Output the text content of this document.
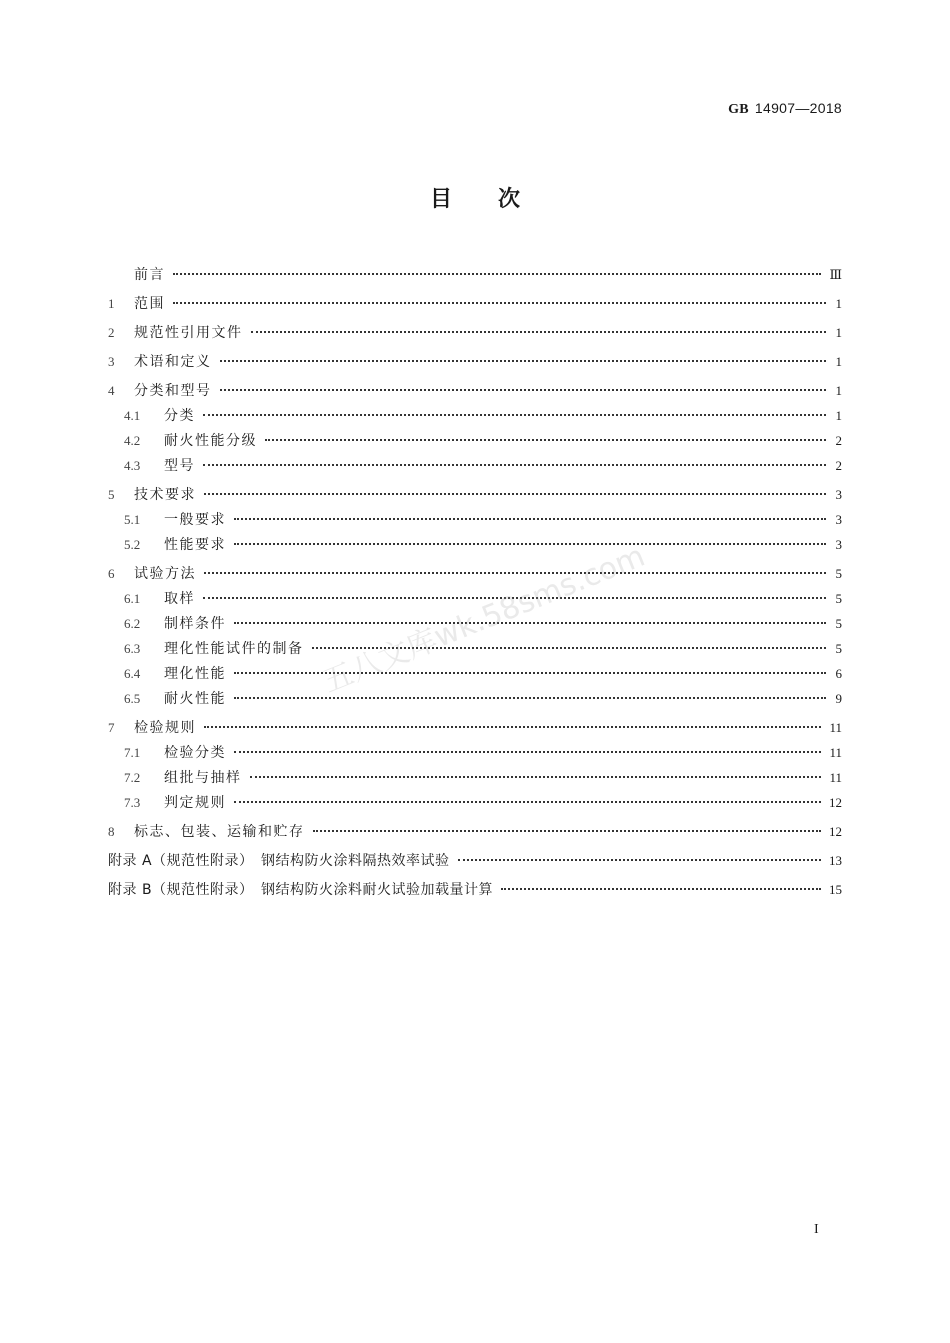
GB 14907—2018
目次
前言	Ⅲ
1	范围	1
2	规范性引用文件	1
3	术语和定义	1
4	分类和型号	1
4.1	分类	1
4.2	耐火性能分级	2
4.3	型号	2
5	技术要求	3
5.1	一般要求	3
5.2	性能要求	3
6	试验方法	5
6.1	取样	5
6.2	制样条件	5
6.3	理化性能试件的制备	5
6.4	理化性能	6
6.5	耐火性能	9
7	检验规则	11
7.1	检验分类	11
7.2	组批与抽样	11
7.3	判定规则	12
8	标志、包装、运输和贮存	12
附录 A（规范性附录）　钢结构防火涂料隔热效率试验	13
附录 B（规范性附录）　钢结构防火涂料耐火试验加载量计算	15
五八文库wk.58sms.com
I
